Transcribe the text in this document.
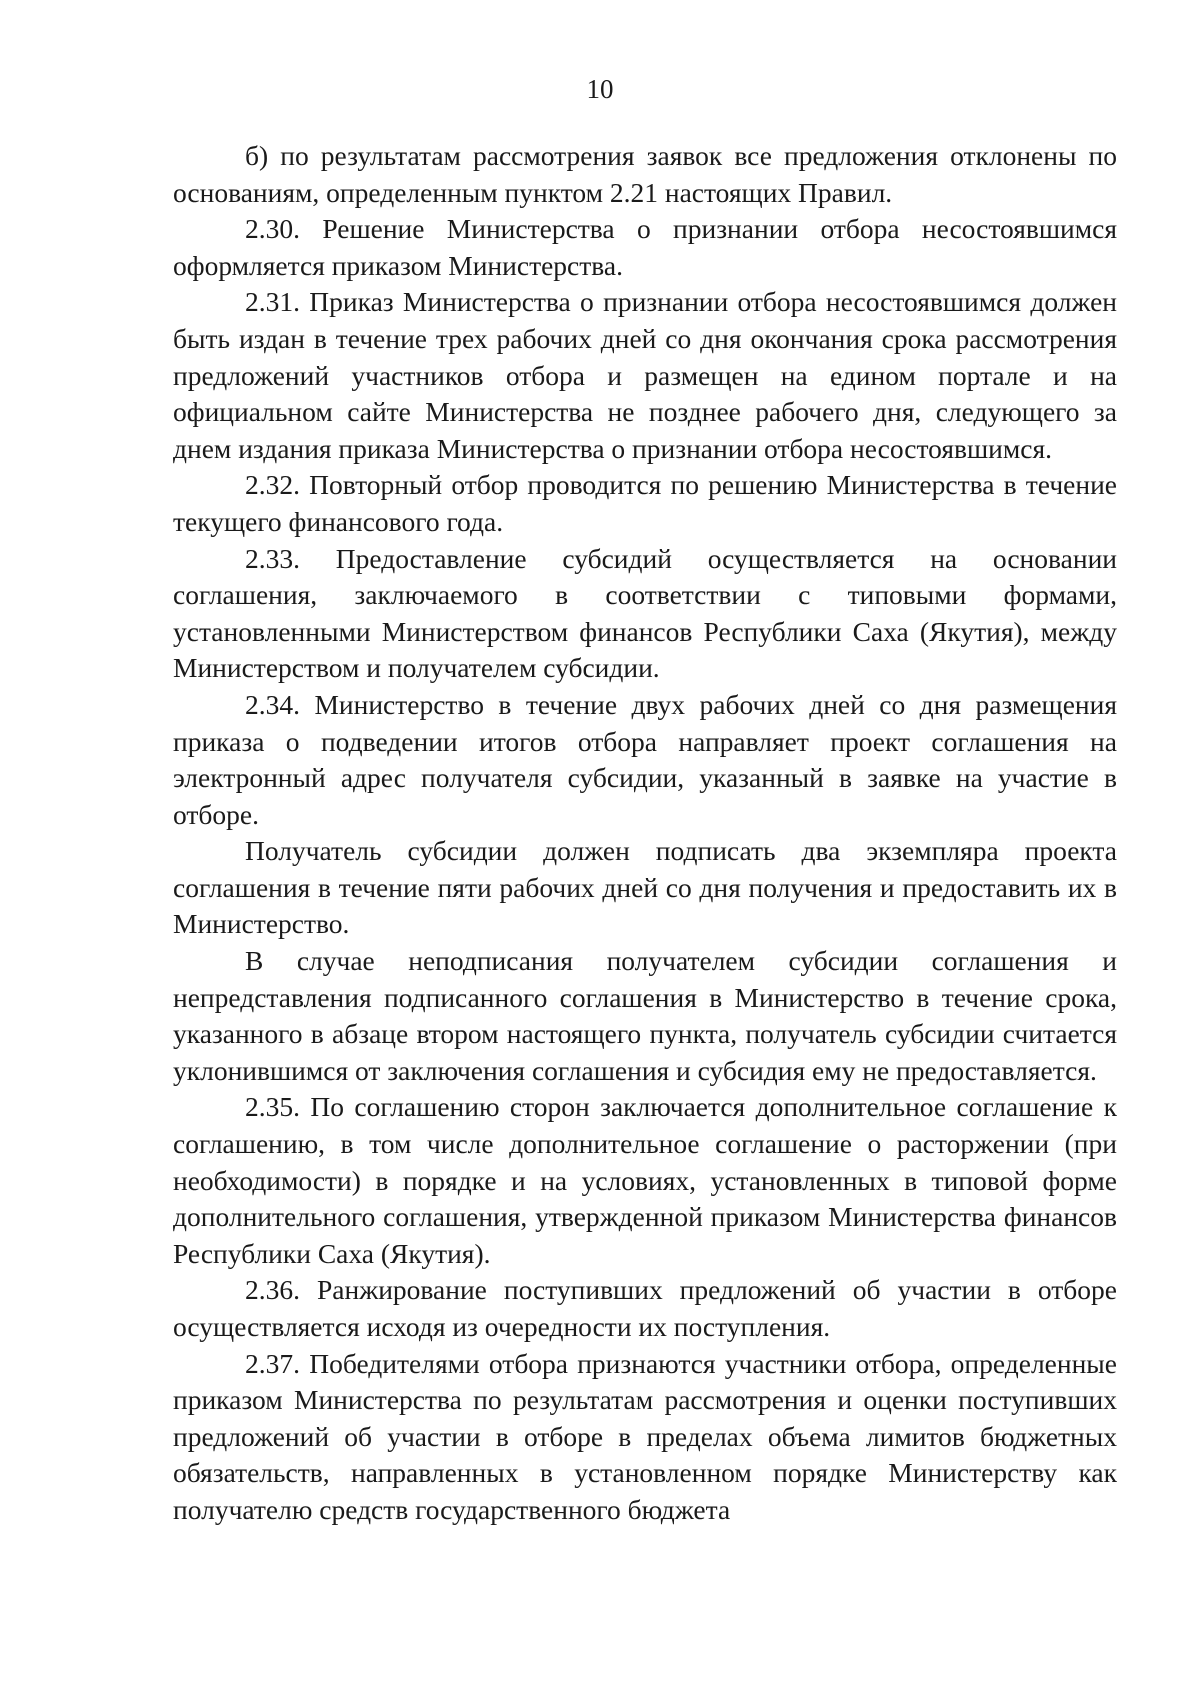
10

б) по результатам рассмотрения заявок все предложения отклонены по основаниям, определенным пунктом 2.21 настоящих Правил.

2.30. Решение Министерства о признании отбора несостоявшимся оформляется приказом Министерства.

2.31. Приказ Министерства о признании отбора несостоявшимся должен быть издан в течение трех рабочих дней со дня окончания срока рассмотрения предложений участников отбора и размещен на едином портале и на официальном сайте Министерства не позднее рабочего дня, следующего за днем издания приказа Министерства о признании отбора несостоявшимся.

2.32. Повторный отбор проводится по решению Министерства в течение текущего финансового года.

2.33. Предоставление субсидий осуществляется на основании соглашения, заключаемого в соответствии с типовыми формами, установленными Министерством финансов Республики Саха (Якутия), между Министерством и получателем субсидии.

2.34. Министерство в течение двух рабочих дней со дня размещения приказа о подведении итогов отбора направляет проект соглашения на электронный адрес получателя субсидии, указанный в заявке на участие в отборе.

Получатель субсидии должен подписать два экземпляра проекта соглашения в течение пяти рабочих дней со дня получения и предоставить их в Министерство.

В случае неподписания получателем субсидии соглашения и непредставления подписанного соглашения в Министерство в течение срока, указанного в абзаце втором настоящего пункта, получатель субсидии считается уклонившимся от заключения соглашения и субсидия ему не предоставляется.

2.35. По соглашению сторон заключается дополнительное соглашение к соглашению, в том числе дополнительное соглашение о расторжении (при необходимости) в порядке и на условиях, установленных в типовой форме дополнительного соглашения, утвержденной приказом Министерства финансов Республики Саха (Якутия).

2.36. Ранжирование поступивших предложений об участии в отборе осуществляется исходя из очередности их поступления.

2.37. Победителями отбора признаются участники отбора, определенные приказом Министерства по результатам рассмотрения и оценки поступивших предложений об участии в отборе в пределах объема лимитов бюджетных обязательств, направленных в установленном порядке Министерству как получателю средств государственного бюджета
